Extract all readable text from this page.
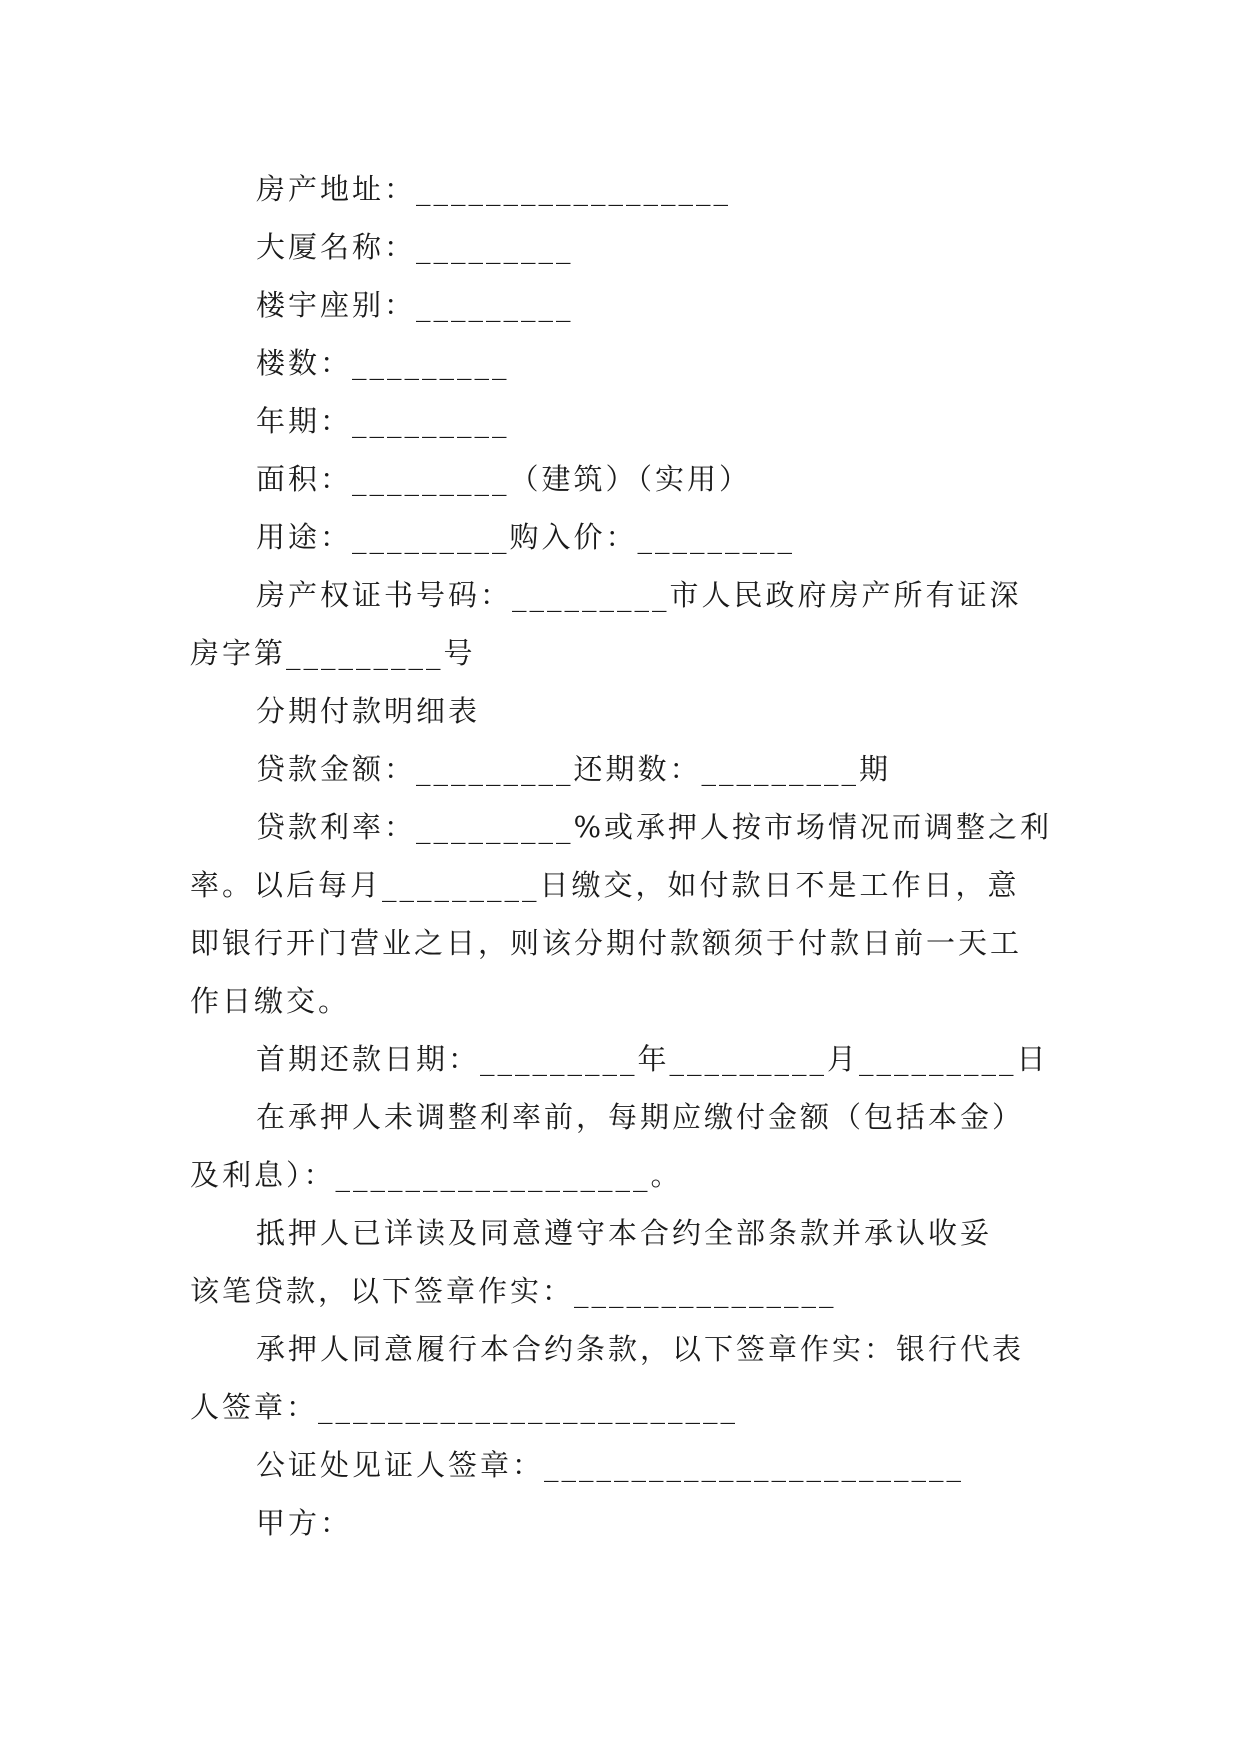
房产地址：__________________
大厦名称：_________
楼宇座别：_________
楼数：_________
年期：_________
面积：_________（建筑）（实用）
用途：_________购入价：_________
房产权证书号码：_________市人民政府房产所有证深
房字第_________号
分期付款明细表
贷款金额：_________还期数：_________期
贷款利率：_________%或承押人按市场情况而调整之利
率。以后每月_________日缴交，如付款日不是工作日，意
即银行开门营业之日，则该分期付款额须于付款日前一天工
作日缴交。
首期还款日期：_________年_________月_________日
在承押人未调整利率前，每期应缴付金额（包括本金）
及利息）：__________________。
抵押人已详读及同意遵守本合约全部条款并承认收妥
该笔贷款，以下签章作实：_______________
承押人同意履行本合约条款，以下签章作实：银行代表
人签章：________________________
公证处见证人签章：________________________
甲方：
